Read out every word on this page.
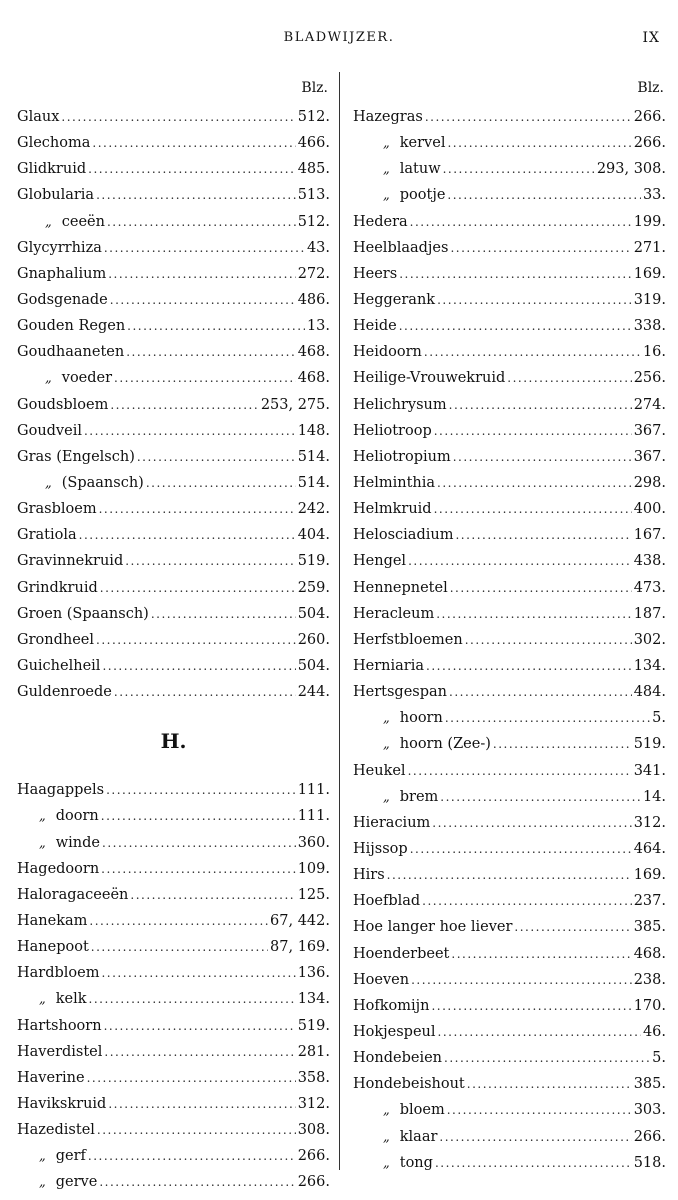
BLADWIJZER.	IX
Blz.
Glaux .....	512.
Glechoma .....	466.
Glidkruid .....	485.
Globularia .....	513.
„ ceeën .....	512.
Glycyrrhiza .....	43.
Gnaphalium .....	272.
Godsgenade .....	486.
Gouden Regen .....	13.
Goudhaaneten .....	468.
„ voeder .....	468.
Goudsbloem .....	253, 275.
Goudveil .....	148.
Gras (Engelsch) .....	514.
„ (Spaansch) .....	514.
Grasbloem .....	242.
Gratiola .....	404.
Gravinnekruid .....	519.
Grindkruid .....	259.
Groen (Spaansch) .....	504.
Grondheel .....	260.
Guichelheil .....	504.
Guldenroede .....	244.
H.
Haagappels .....	111.
„ doorn .....	111.
„ winde .....	360.
Hagedoorn .....	109.
Haloragaceeën .....	125.
Hanekam .....	67, 442.
Hanepoot .....	87, 169.
Hardbloem .....	136.
„ kelk .....	134.
Hartshoorn .....	519.
Haverdistel .....	281.
Haverine .....	358.
Havikskruid .....	312.
Hazedistel .....	308.
„ gerf .....	266.
„ gerve .....	266.
Blz.
Hazegras .....	266.
„ kervel .....	266.
„ latuw .....	293, 308.
„ pootje .....	33.
Hedera .....	199.
Heelblaadjes .....	271.
Heers .....	169.
Heggerank .....	319.
Heide .....	338.
Heidoorn .....	16.
Heilige-Vrouwekruid .....	256.
Helichrysum .....	274.
Heliotroop .....	367.
Heliotropium .....	367.
Helminthia .....	298.
Helmkruid .....	400.
Helosciadium .....	167.
Hengel .....	438.
Hennepnetel .....	473.
Heracleum .....	187.
Herfstbloemen .....	302.
Herniaria .....	134.
Hertsgespan .....	484.
„ hoorn .....	5.
„ hoorn (Zee-) .....	519.
Heukel .....	341.
„ brem .....	14.
Hieracium .....	312.
Hijssop .....	464.
Hirs .....	169.
Hoefblad .....	237.
Hoe langer hoe liever .....	385.
Hoenderbeet .....	468.
Hoeven .....	238.
Hofkomijn .....	170.
Hokjespeul .....	46.
Hondebeien .....	5.
Hondebeishout .....	385.
„ bloem .....	303.
„ klaar .....	266.
„ tong .....	518.
